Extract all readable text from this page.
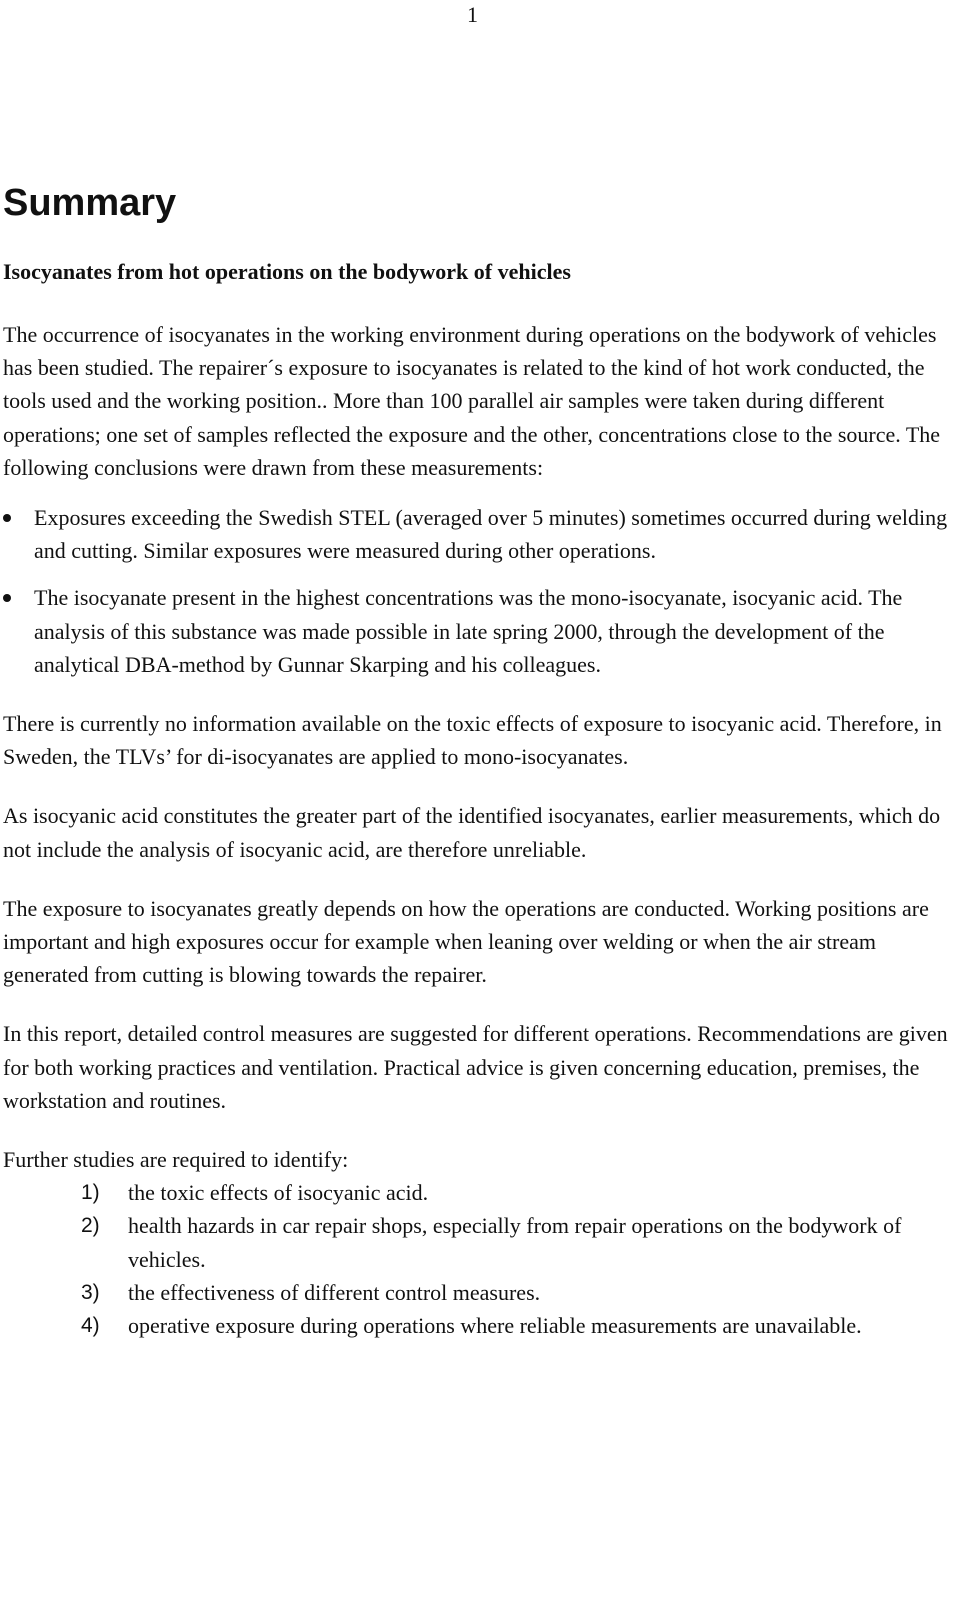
1
Summary
Isocyanates from hot operations on the bodywork of vehicles

The occurrence of isocyanates in the working environment during operations on the bodywork of vehicles has been studied. The repairer´s exposure to isocyanates is related to the kind of hot work conducted, the tools used and the working position.. More than 100 parallel air samples were taken during different operations; one set of samples reflected the exposure and the other, concentrations close to the source. The following conclusions were drawn from these measurements:

Exposures exceeding the Swedish STEL (averaged over 5 minutes) sometimes occurred during welding and cutting. Similar exposures were measured during other operations.
The isocyanate present in the highest concentrations was the mono-isocyanate, isocyanic acid. The analysis of this substance was made possible in late spring 2000, through the development of the analytical DBA-method by Gunnar Skarping and his colleagues.

There is currently no information available on the toxic effects of exposure to isocyanic acid. Therefore, in Sweden, the TLVs’ for di-isocyanates are applied to mono-isocyanates.

As isocyanic acid constitutes the greater part of the identified isocyanates, earlier measurements, which do not include the analysis of isocyanic acid, are therefore unreliable.

The exposure to isocyanates greatly depends on how the operations are conducted. Working positions are important and high exposures occur for example when leaning over welding or when the air stream generated from cutting is blowing towards the repairer.

In this report, detailed control measures are suggested for different operations. Recommendations are given for both working practices and ventilation. Practical advice is given concerning education, premises, the workstation and routines.

Further studies are required to identify:

1) the toxic effects of isocyanic acid.
2) health hazards in car repair shops, especially from repair operations on the bodywork of vehicles.
3) the effectiveness of different control measures.
4) operative exposure during operations where reliable measurements are unavailable.
